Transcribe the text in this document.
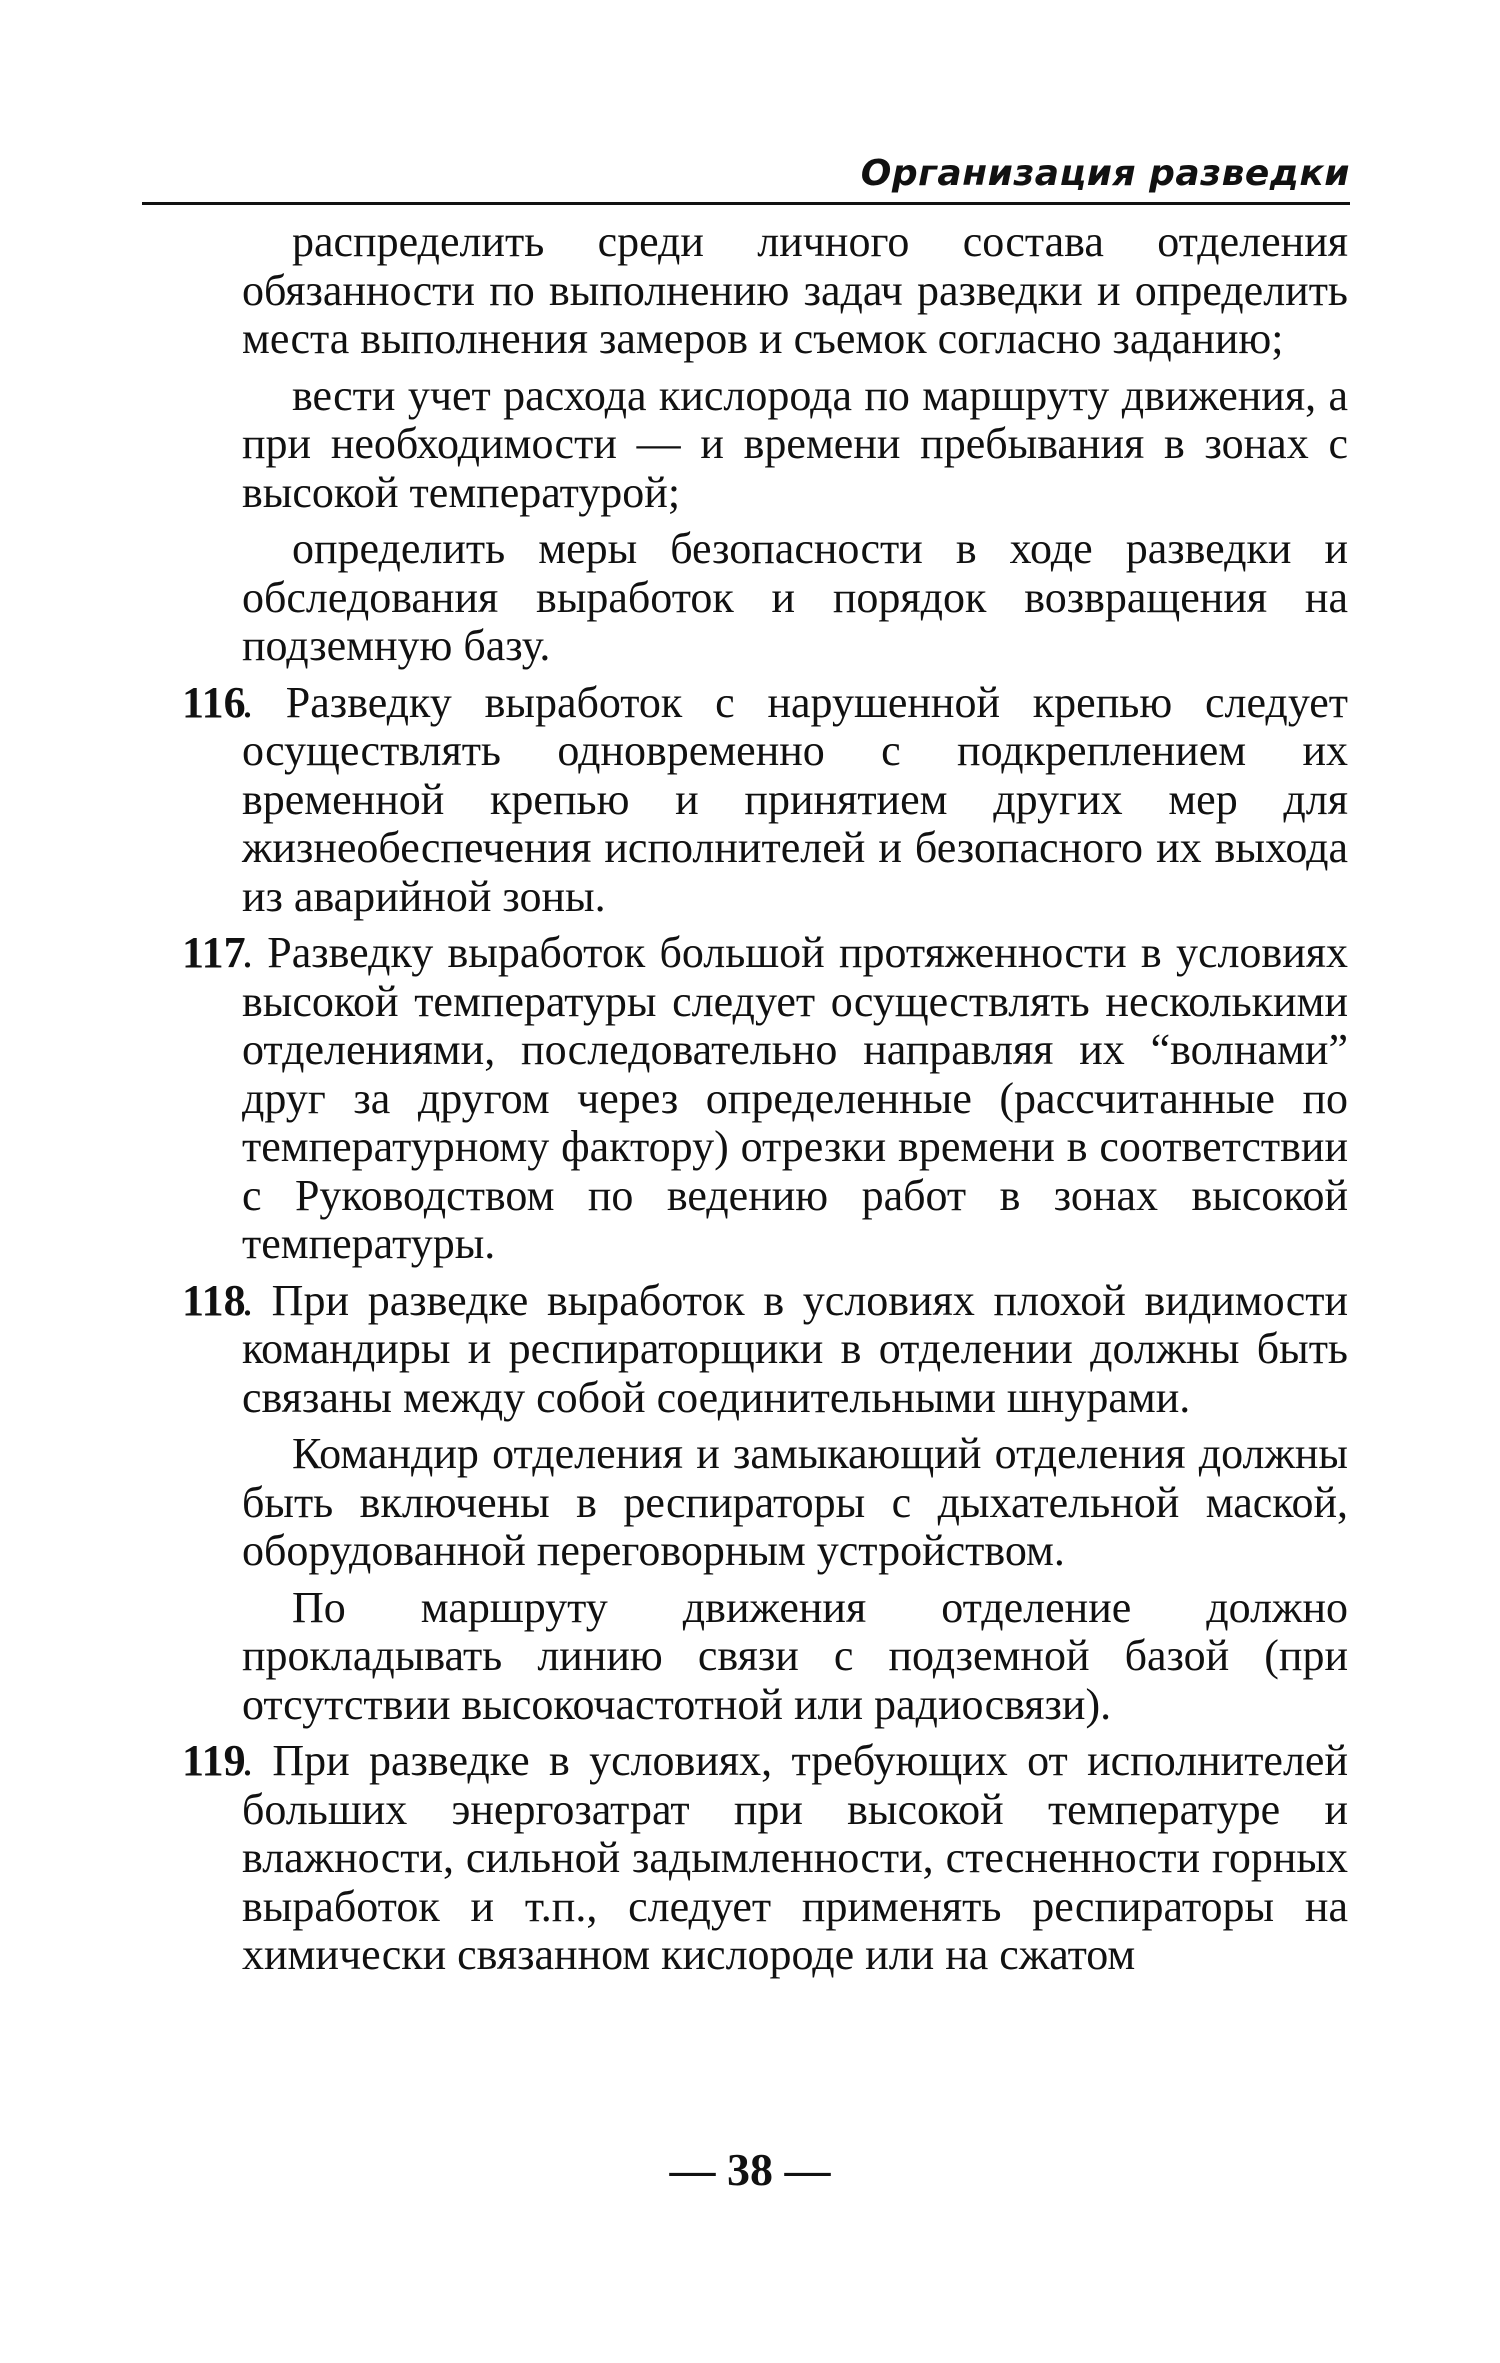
Организация разведки

распределить среди личного состава отделения обязанности по выполнению задач разведки и определить места выполнения замеров и съемок согласно заданию;

вести учет расхода кислорода по маршруту движения, а при необходимости — и времени пребывания в зонах с высокой температурой;

определить меры безопасности в ходе разведки и обследования выработок и порядок возвращения на подземную базу.

116
. Разведку выработок с нарушенной крепью следует осуществлять одновременно с подкреплением их временной крепью и принятием других мер для жизнеобеспечения исполнителей и безопасного их выхода из аварийной зоны.

117
. Разведку выработок большой протяженности в условиях высокой температуры следует осуществлять несколькими отделениями, последовательно направляя их “волнами” друг за другом через определенные (рассчитанные по температурному фактору) отрезки времени в соответствии с Руководством по ведению работ в зонах высокой температуры.

118
. При разведке выработок в условиях плохой видимости командиры и респираторщики в отделении должны быть связаны между собой соединительными шнурами.

Командир отделения и замыкающий отделения должны быть включены в респираторы с дыхательной маской, оборудованной переговорным устройством.

По маршруту движения отделение должно прокладывать линию связи с подземной базой (при отсутствии высокочастотной или радиосвязи).

119
. При разведке в условиях, требующих от исполнителей больших энергозатрат при высокой температуре и влажности, сильной задымленности, стесненности горных выработок и т.п., следует применять респираторы на химически связанном кислороде или на сжатом

— 38 —
